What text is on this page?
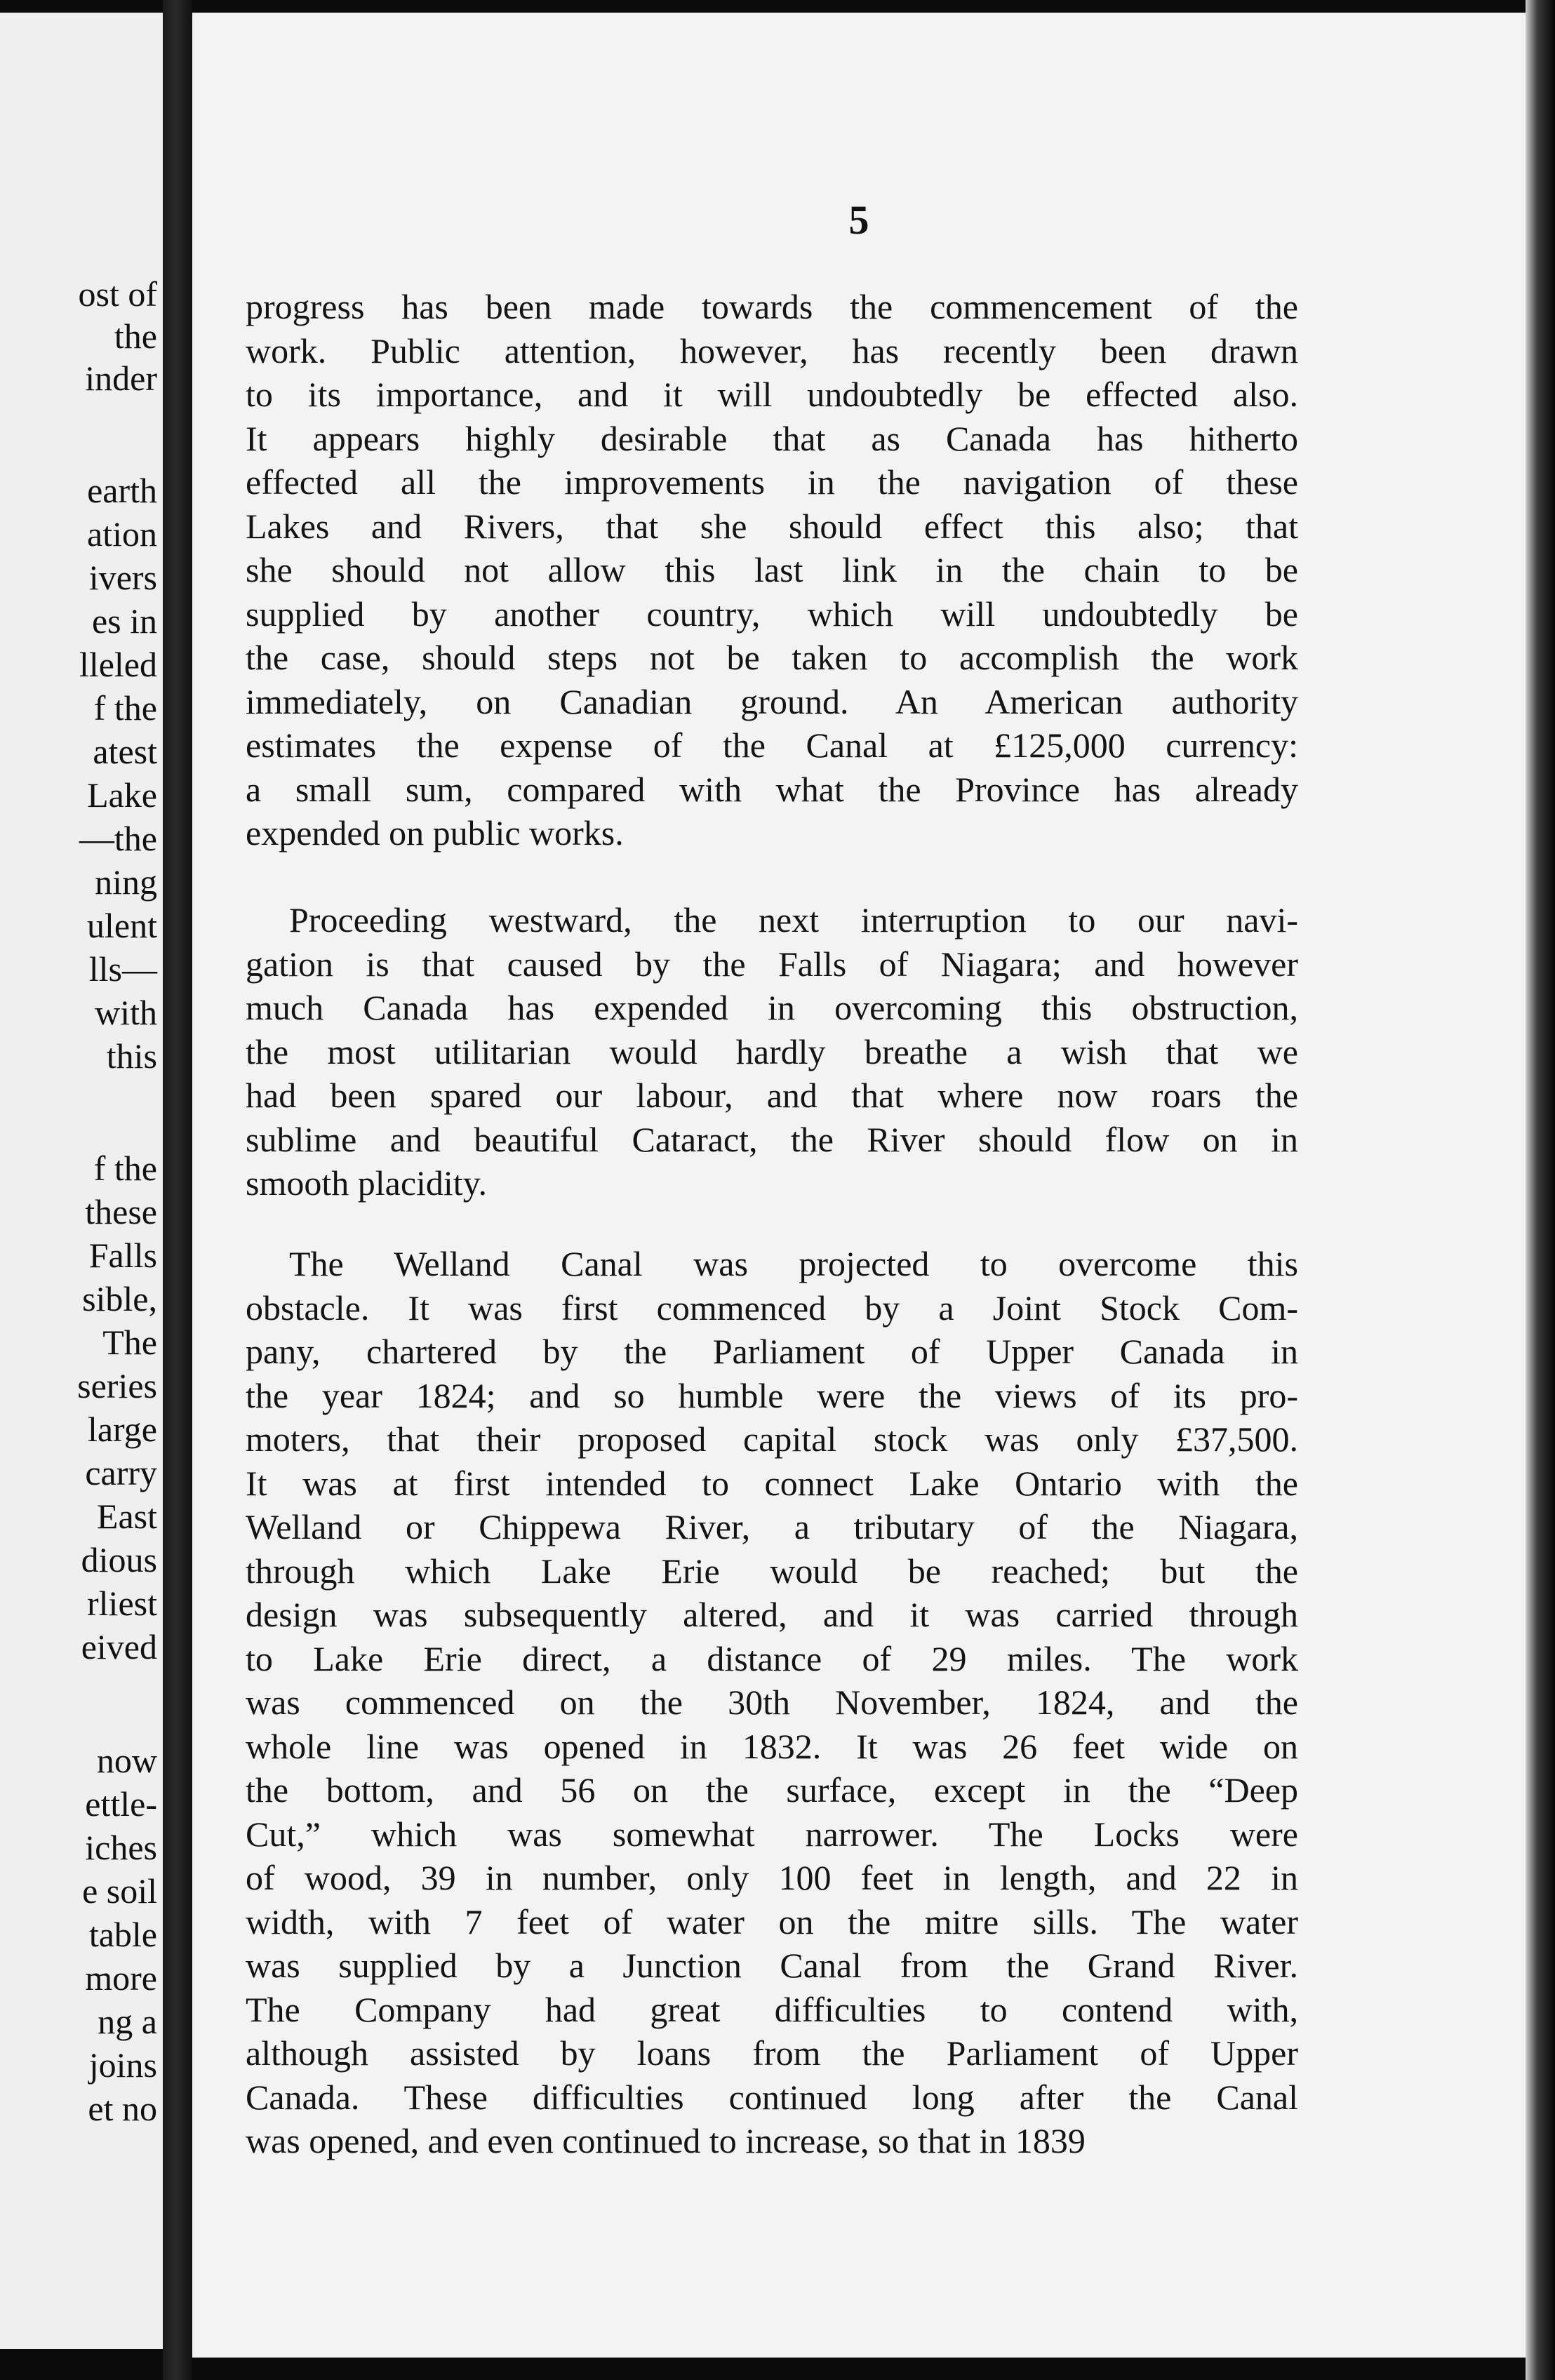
ost of
the
inder
earth
ation
ivers
es in
lleled
f the
atest
Lake
—the
ning
ulent
lls—
with
this
f the
these
Falls
sible,
The
series
large
carry
East
dious
rliest
eived
now
ettle-
iches
e soil
table
more
ng a
joins
et no
5
progress has been made towards the commencement of the
work. Public attention, however, has recently been drawn
to its importance, and it will undoubtedly be effected also.
It appears highly desirable that as Canada has hitherto
effected all the improvements in the navigation of these
Lakes and Rivers, that she should effect this also; that
she should not allow this last link in the chain to be
supplied by another country, which will undoubtedly be
the case, should steps not be taken to accomplish the work
immediately, on Canadian ground. An American authority
estimates the expense of the Canal at £125,000 currency:
a small sum, compared with what the Province has already
expended on public works.
Proceeding westward, the next interruption to our navi-
gation is that caused by the Falls of Niagara; and however
much Canada has expended in overcoming this obstruction,
the most utilitarian would hardly breathe a wish that we
had been spared our labour, and that where now roars the
sublime and beautiful Cataract, the River should flow on in
smooth placidity.
The Welland Canal was projected to overcome this
obstacle. It was first commenced by a Joint Stock Com-
pany, chartered by the Parliament of Upper Canada in
the year 1824; and so humble were the views of its pro-
moters, that their proposed capital stock was only £37,500.
It was at first intended to connect Lake Ontario with the
Welland or Chippewa River, a tributary of the Niagara,
through which Lake Erie would be reached; but the
design was subsequently altered, and it was carried through
to Lake Erie direct, a distance of 29 miles. The work
was commenced on the 30th November, 1824, and the
whole line was opened in 1832. It was 26 feet wide on
the bottom, and 56 on the surface, except in the “Deep
Cut,” which was somewhat narrower. The Locks were
of wood, 39 in number, only 100 feet in length, and 22 in
width, with 7 feet of water on the mitre sills. The water
was supplied by a Junction Canal from the Grand River.
The Company had great difficulties to contend with,
although assisted by loans from the Parliament of Upper
Canada. These difficulties continued long after the Canal
was opened, and even continued to increase, so that in 1839
